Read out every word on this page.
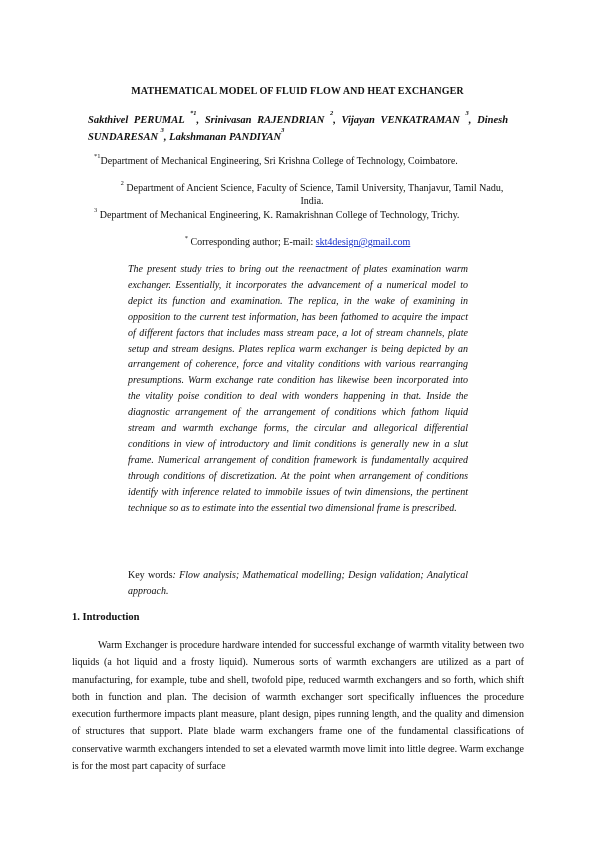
MATHEMATICAL MODEL OF FLUID FLOW AND HEAT EXCHANGER
Sakthivel PERUMAL $^{*1}$, Srinivasan RAJENDRIAN $^2$, Vijayan VENKATRAMAN $^3$, Dinesh SUNDARESAN $^3$, Lakshmanan PANDIYAN$^3$
$^{*1}$Department of Mechanical Engineering, Sri Krishna College of Technology, Coimbatore.
$^2$ Department of Ancient Science, Faculty of Science, Tamil University, Thanjavur, Tamil Nadu, India.
$^3$ Department of Mechanical Engineering, K. Ramakrishnan College of Technology, Trichy.
* Corresponding author; E-mail: skt4design@gmail.com
The present study tries to bring out the reenactment of plates examination warm exchanger. Essentially, it incorporates the advancement of a numerical model to depict its function and examination. The replica, in the wake of examining in opposition to the current test information, has been fathomed to acquire the impact of different factors that includes mass stream pace, a lot of stream channels, plate setup and stream designs. Plates replica warm exchanger is being depicted by an arrangement of coherence, force and vitality conditions with various rearranging presumptions. Warm exchange rate condition has likewise been incorporated into the vitality poise condition to deal with wonders happening in that. Inside the diagnostic arrangement of the arrangement of conditions which fathom liquid stream and warmth exchange forms, the circular and allegorical differential conditions in view of introductory and limit conditions is generally new in a slut frame. Numerical arrangement of condition framework is fundamentally acquired through conditions of discretization. At the point when arrangement of conditions identify with inference related to immobile issues of twin dimensions, the pertinent technique so as to estimate into the essential two dimensional frame is prescribed.
Key words: Flow analysis; Mathematical modelling; Design validation; Analytical approach.
1. Introduction
Warm Exchanger is procedure hardware intended for successful exchange of warmth vitality between two liquids (a hot liquid and a frosty liquid). Numerous sorts of warmth exchangers are utilized as a part of manufacturing, for example, tube and shell, twofold pipe, reduced warmth exchangers and so forth, which shift both in function and plan. The decision of warmth exchanger sort specifically influences the procedure execution furthermore impacts plant measure, plant design, pipes running length, and the quality and dimension of structures that support. Plate blade warm exchangers frame one of the fundamental classifications of conservative warmth exchangers intended to set a elevated warmth move limit into little degree. Warm exchange is for the most part capacity of surface
